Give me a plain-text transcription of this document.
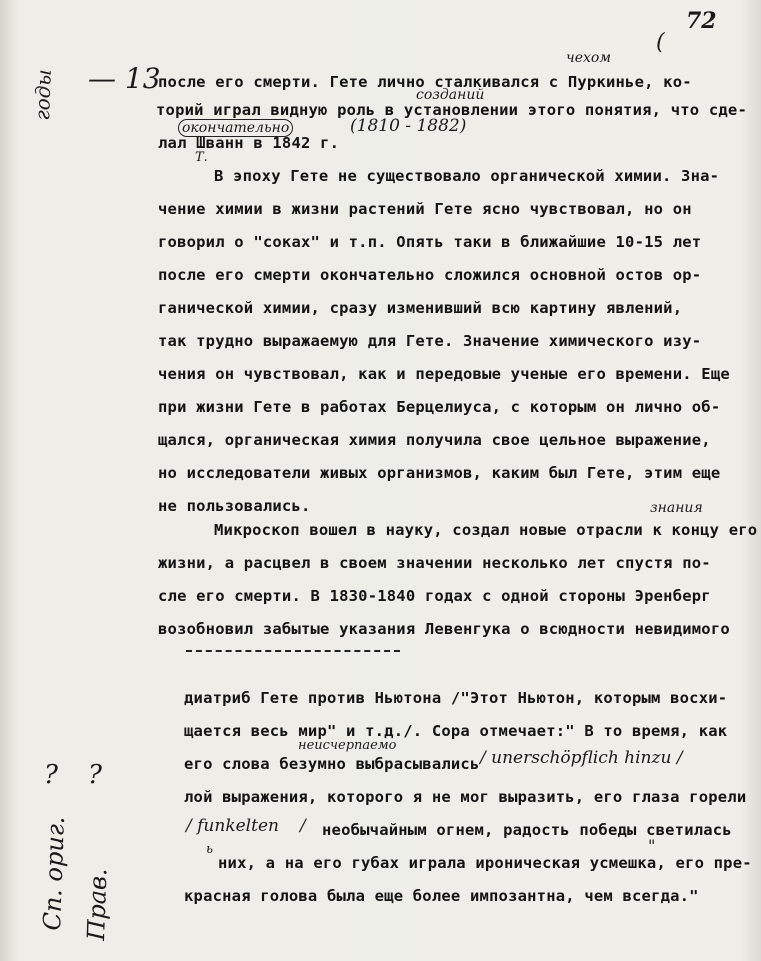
72
(
годы — 13
чехом
после его смерти. Гете лично сталкивался с Пуркинье, ко-
созданий
торий играл видную роль в установлении этого понятия, что сде-
окончательно	(1810 - 1882)
лал Шванн в 1842 г.
Т.
В эпоху Гете не существовало органической химии. Зна-
чение химии в жизни растений Гете ясно чувствовал, но он
говорил о "соках" и т.п. Опять таки в ближайшие 10-15 лет
после его смерти окончательно сложился основной остов ор-
ганической химии, сразу изменивший всю картину явлений,
так трудно выражаемую для Гете. Значение химического изу-
чения он чувствовал, как и передовые ученые его времени. Еще
при жизни Гете в работах Берцелиуса, с которым он лично об-
щался, органическая химия получила свое цельное выражение,
но исследователи живых организмов, каким был Гете, этим еще
не пользовались.	знания
Микроскоп вошел в науку, создал новые отрасли к концу его
жизни, а расцвел в своем значении несколько лет спустя по-
сле его смерти. В 1830-1840 годах с одной стороны Эренберг
возобновил забытые указания Левенгука о всюдности невидимого
диатриб Гете против Ньютона /"Этот Ньютон, которым восхи-
щается весь мир" и т.д./. Сора отмечает:" В то время, как
неисчерпаемо
его слова безумно выбрасывались / unerschöpflich hinzu /
лой выражения, которого я не мог выразить, его глаза горели
/ funkelten / необычайным огнем, радость победы светилась
ь
них, а на его губах играла ироническая усмешка, его пре-
"
красная голова была еще более импозантна, чем всегда."
? ?
Сп. ориг. Прав.
